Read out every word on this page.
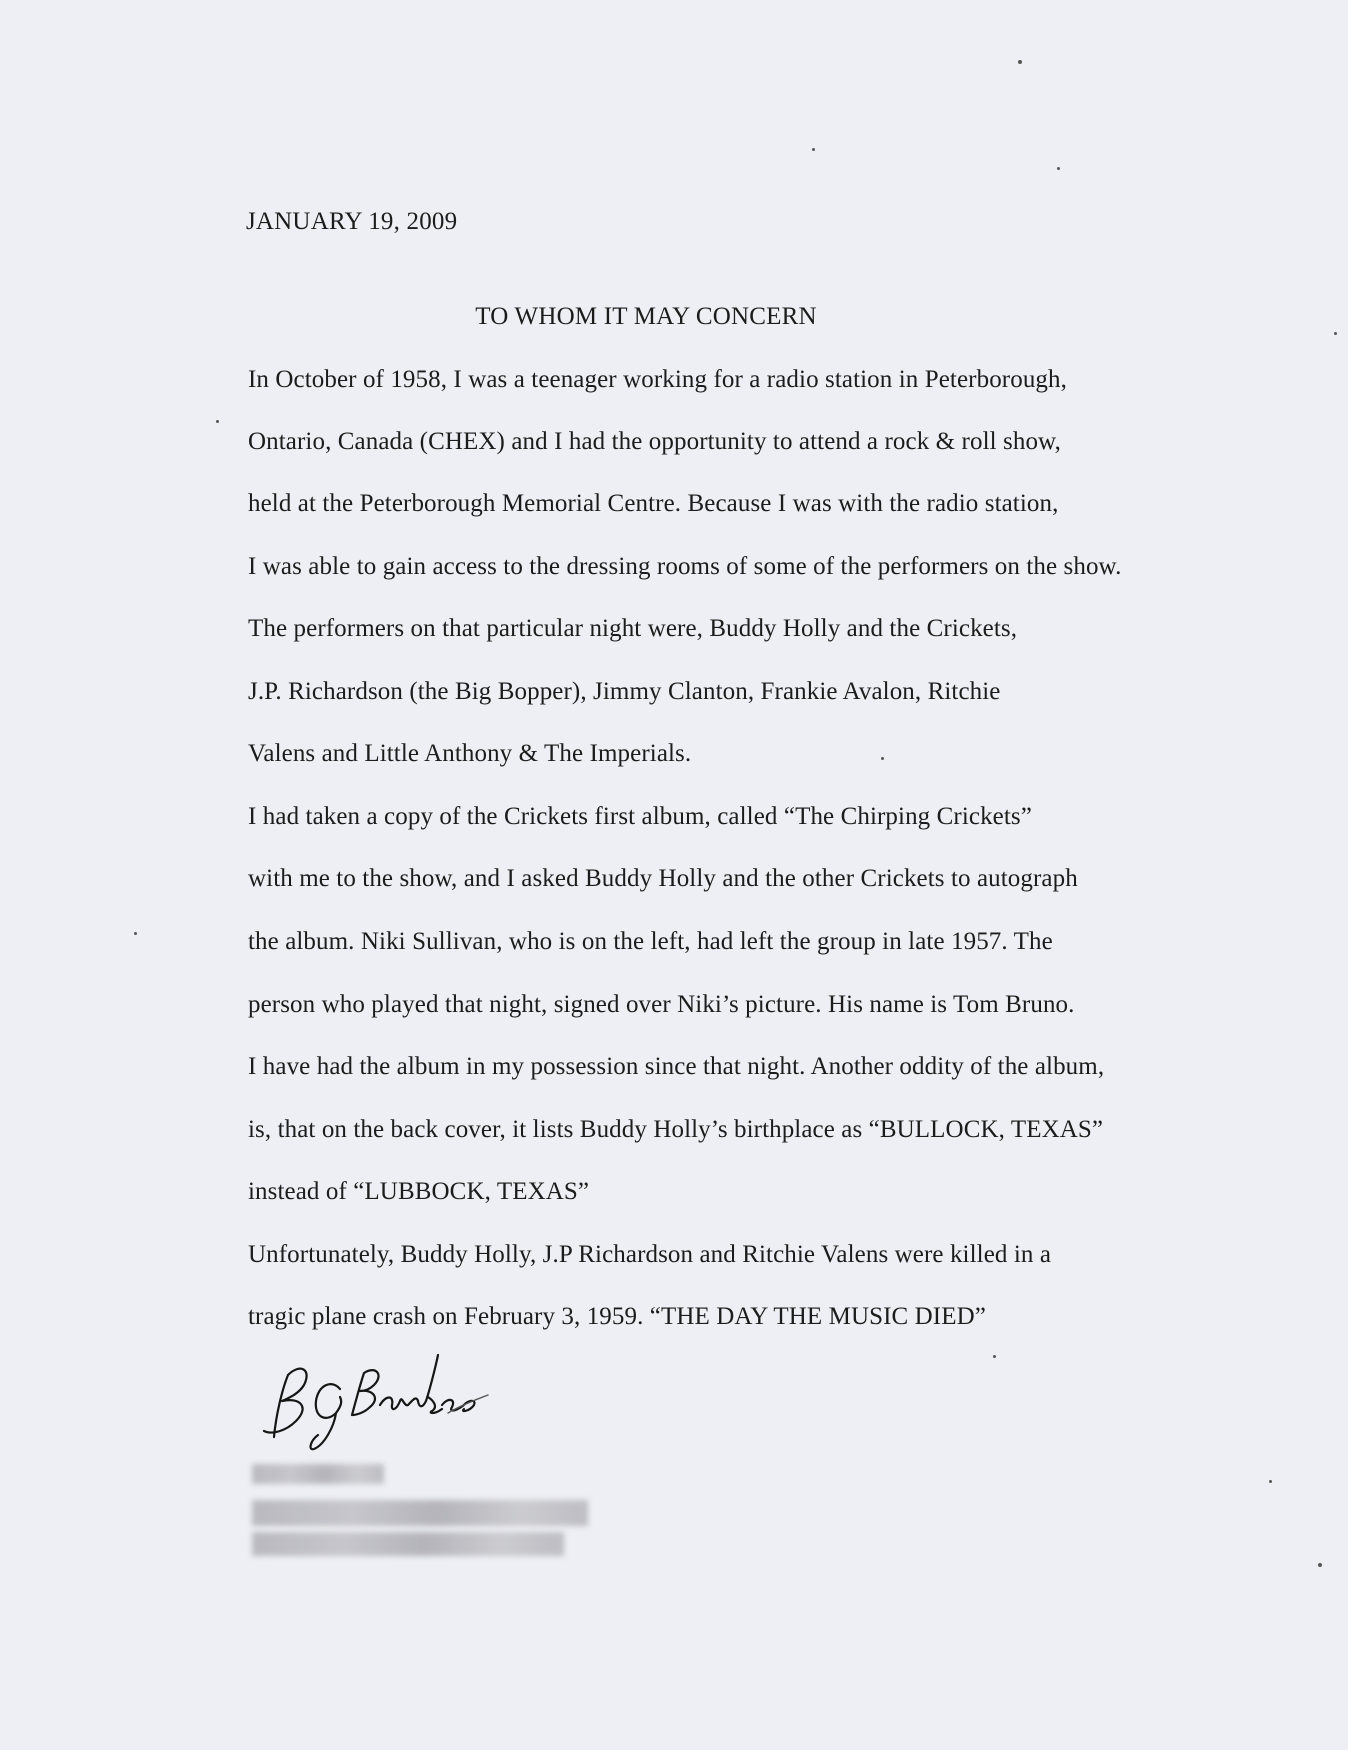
JANUARY 19, 2009
TO WHOM IT MAY CONCERN
In October of 1958, I was a teenager working for a radio station in Peterborough,
Ontario, Canada (CHEX) and I had the opportunity to attend a rock & roll show,
held at the Peterborough Memorial Centre. Because I was with the radio station,
I was able to gain access to the dressing rooms of some of the performers on the show.
The performers on that particular night were, Buddy Holly and the Crickets,
J.P. Richardson (the Big Bopper), Jimmy Clanton, Frankie Avalon, Ritchie
Valens and Little Anthony & The Imperials.
I had taken a copy of the Crickets first album, called “The Chirping Crickets”
with me to the show, and I asked Buddy Holly and the other Crickets to autograph
the album. Niki Sullivan, who is on the left, had left the group in late 1957. The
person who played that night, signed over Niki’s picture. His name is Tom Bruno.
I have had the album in my possession since that night. Another oddity of the album,
is, that on the back cover, it lists Buddy Holly’s birthplace as “BULLOCK, TEXAS”
instead of “LUBBOCK, TEXAS”
Unfortunately, Buddy Holly, J.P Richardson and Ritchie Valens were killed in a
tragic plane crash on February 3, 1959. “THE DAY THE MUSIC DIED”
